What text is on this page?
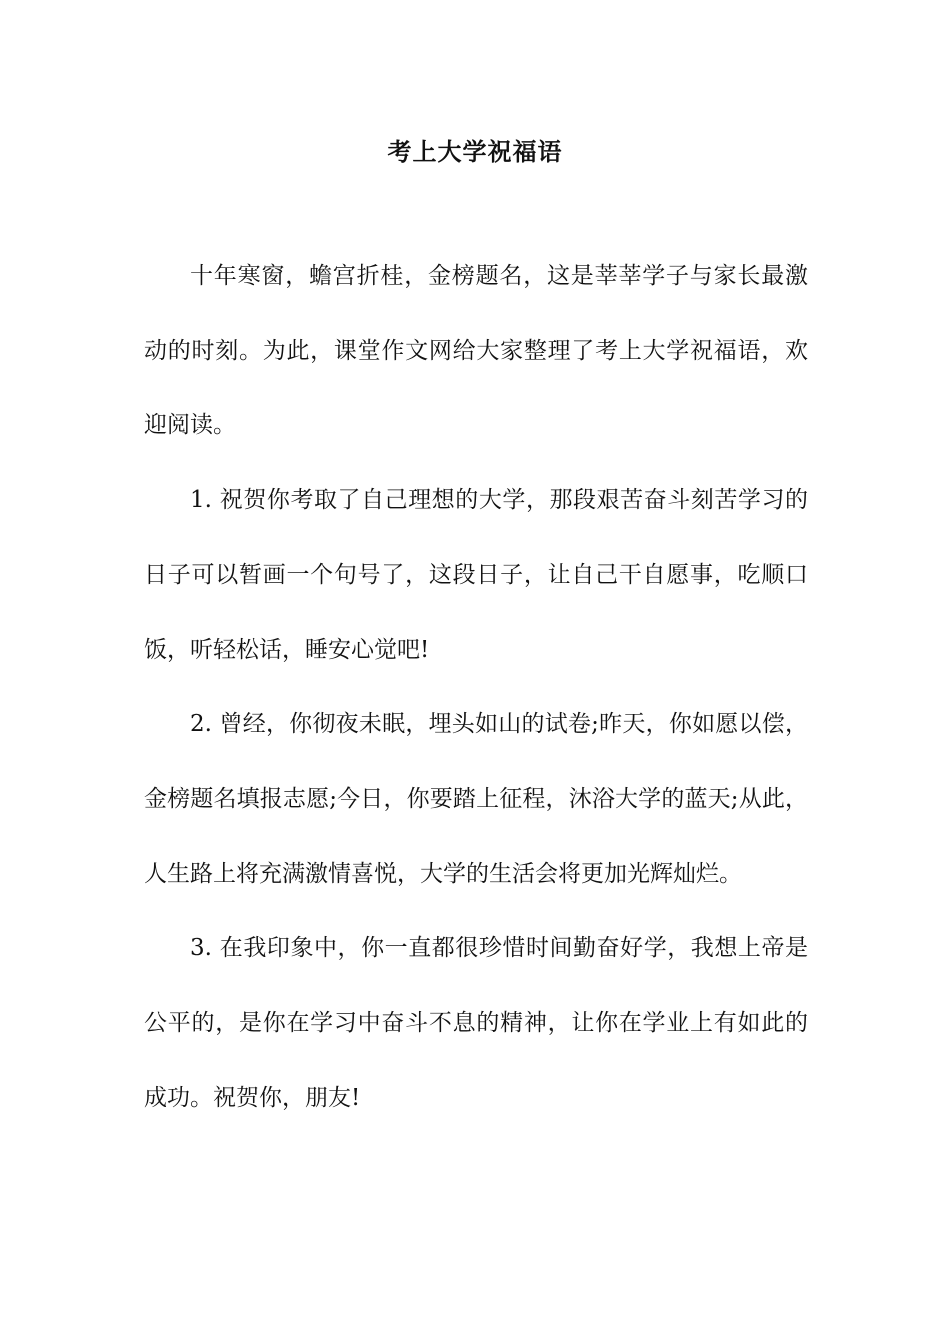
考上大学祝福语

十年寒窗，蟾宫折桂，金榜题名，这是莘莘学子与家长最激动的时刻。为此，课堂作文网给大家整理了考上大学祝福语，欢迎阅读。

1. 祝贺你考取了自己理想的大学，那段艰苦奋斗刻苦学习的日子可以暂画一个句号了，这段日子，让自己干自愿事，吃顺口饭，听轻松话，睡安心觉吧!

2. 曾经，你彻夜未眠，埋头如山的试卷;昨天，你如愿以偿，金榜题名填报志愿;今日，你要踏上征程，沐浴大学的蓝天;从此，人生路上将充满激情喜悦，大学的生活会将更加光辉灿烂。

3. 在我印象中，你一直都很珍惜时间勤奋好学，我想上帝是公平的，是你在学习中奋斗不息的精神，让你在学业上有如此的成功。祝贺你，朋友!
